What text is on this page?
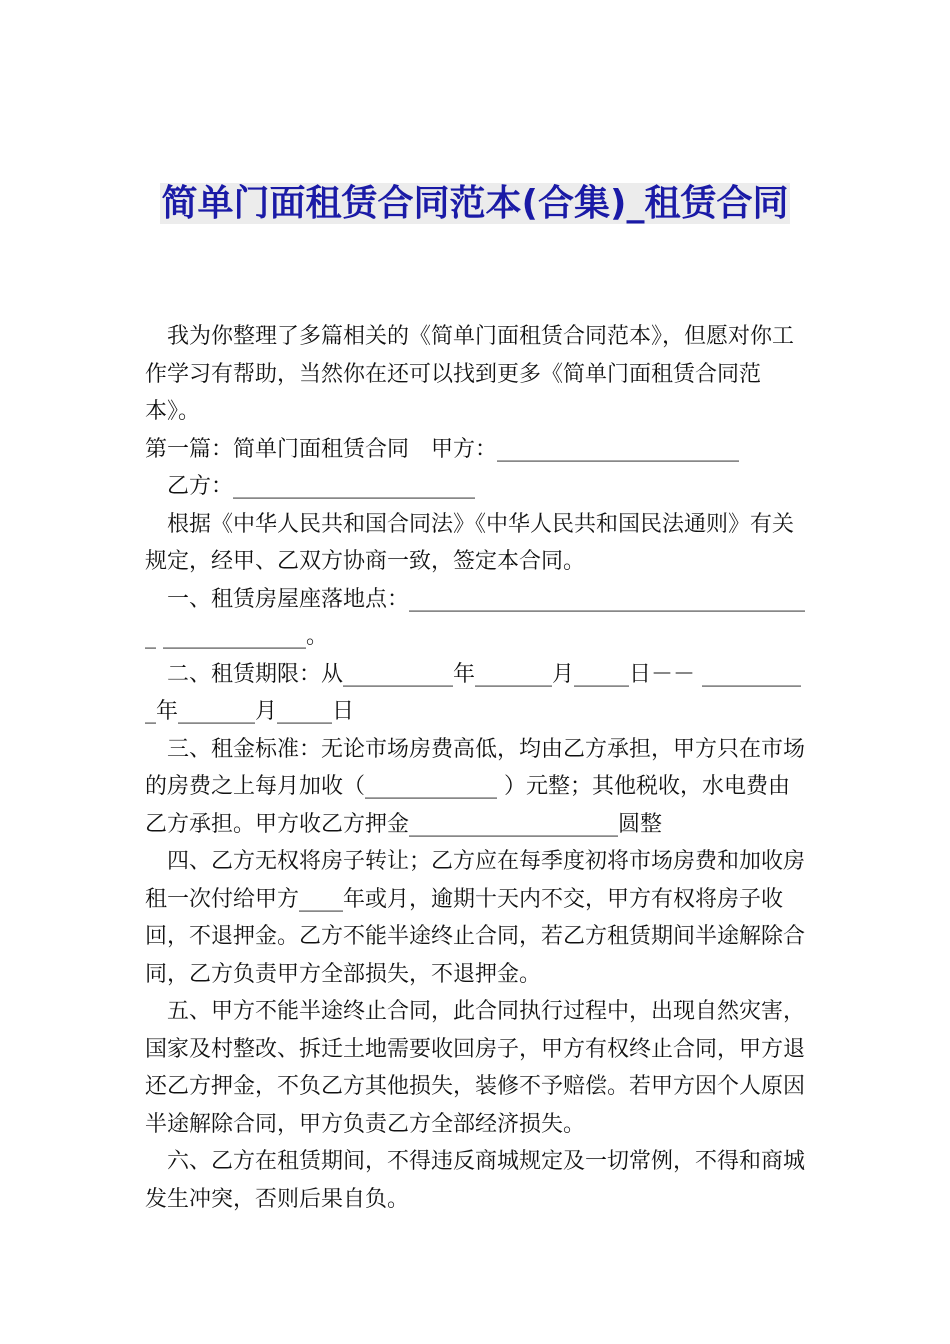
简单门面租赁合同范本(合集)_租赁合同

我为你整理了多篇相关的《简单门面租赁合同范本》，但愿对你工作学习有帮助，当然你在还可以找到更多《简单门面租赁合同范本》。

第一篇：简单门面租赁合同　甲方：______________________

乙方：______________________

根据《中华人民共和国合同法》《中华人民共和国民法通则》有关规定，经甲、乙双方协商一致，签定本合同。

一、租赁房屋座落地点：_____________________________________ _____________。

二、租赁期限：从__________年_______月_____日－－ __________年_______月_____日

三、租金标准：无论市场房费高低，均由乙方承担，甲方只在市场的房费之上每月加收（____________ ）元整；其他税收，水电费由乙方承担。甲方收乙方押金___________________圆整

四、乙方无权将房子转让；乙方应在每季度初将市场房费和加收房租一次付给甲方____年或月，逾期十天内不交，甲方有权将房子收回，不退押金。乙方不能半途终止合同，若乙方租赁期间半途解除合同，乙方负责甲方全部损失，不退押金。

五、甲方不能半途终止合同，此合同执行过程中，出现自然灾害，国家及村整改、拆迁土地需要收回房子，甲方有权终止合同，甲方退还乙方押金，不负乙方其他损失，装修不予赔偿。若甲方因个人原因半途解除合同，甲方负责乙方全部经济损失。

六、乙方在租赁期间，不得违反商城规定及一切常例，不得和商城发生冲突，否则后果自负。
